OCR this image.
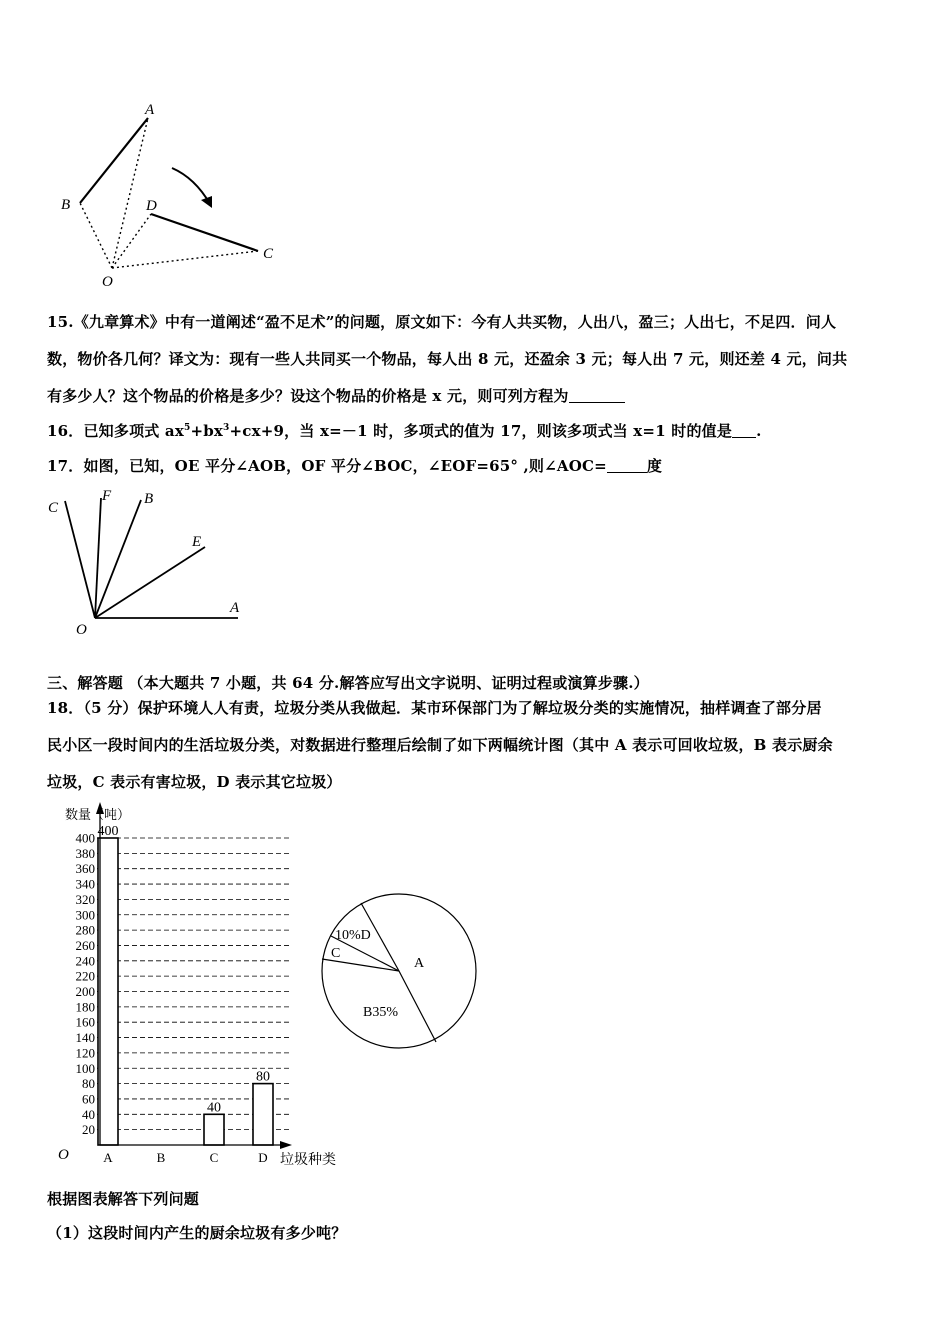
A
B	D
C
O
15.《九章算术》中有一道阐述“盈不足术”的问题，原文如下：今有人共买物，人出八，盈三；人出七，不足四．问人
数，物价各几何？译文为：现有一些人共同买一个物品，每人出 8 元，还盈余 3 元；每人出 7 元，则还差 4 元，问共
有多少人？这个物品的价格是多少？设这个物品的价格是 x 元，则可列方程为
16．已知多项式 $ax^5+bx^3+cx+9$，当 x=－1 时，多项式的值为 17，则该多项式当 x=1 时的值是 .
17．如图，已知，OE 平分∠AOB，OF 平分∠BOC，∠EOF=65° ,则∠AOC=	度
C
F B
E
A
O
三、解答题 （本大题共 7 小题，共 64 分.解答应写出文字说明、证明过程或演算步骤.）
18．（5 分）保护环境人人有责，垃圾分类从我做起．某市环保部门为了解垃圾分类的实施情况，抽样调查了部分居
民小区一段时间内的生活垃圾分类，对数据进行整理后绘制了如下两幅统计图（其中 A 表示可回收垃圾，B 表示厨余
垃圾，C 表示有害垃圾，D 表示其它垃圾）
20
40
60
80
100
120
140
160
180
200
220
240
260
280
300
320
340
360
380
400 400
40
80
A	B	C	D
数量（吨）
垃圾种类
O
A
B35%
C
10%D
根据图表解答下列问题
（1）这段时间内产生的厨余垃圾有多少吨？
